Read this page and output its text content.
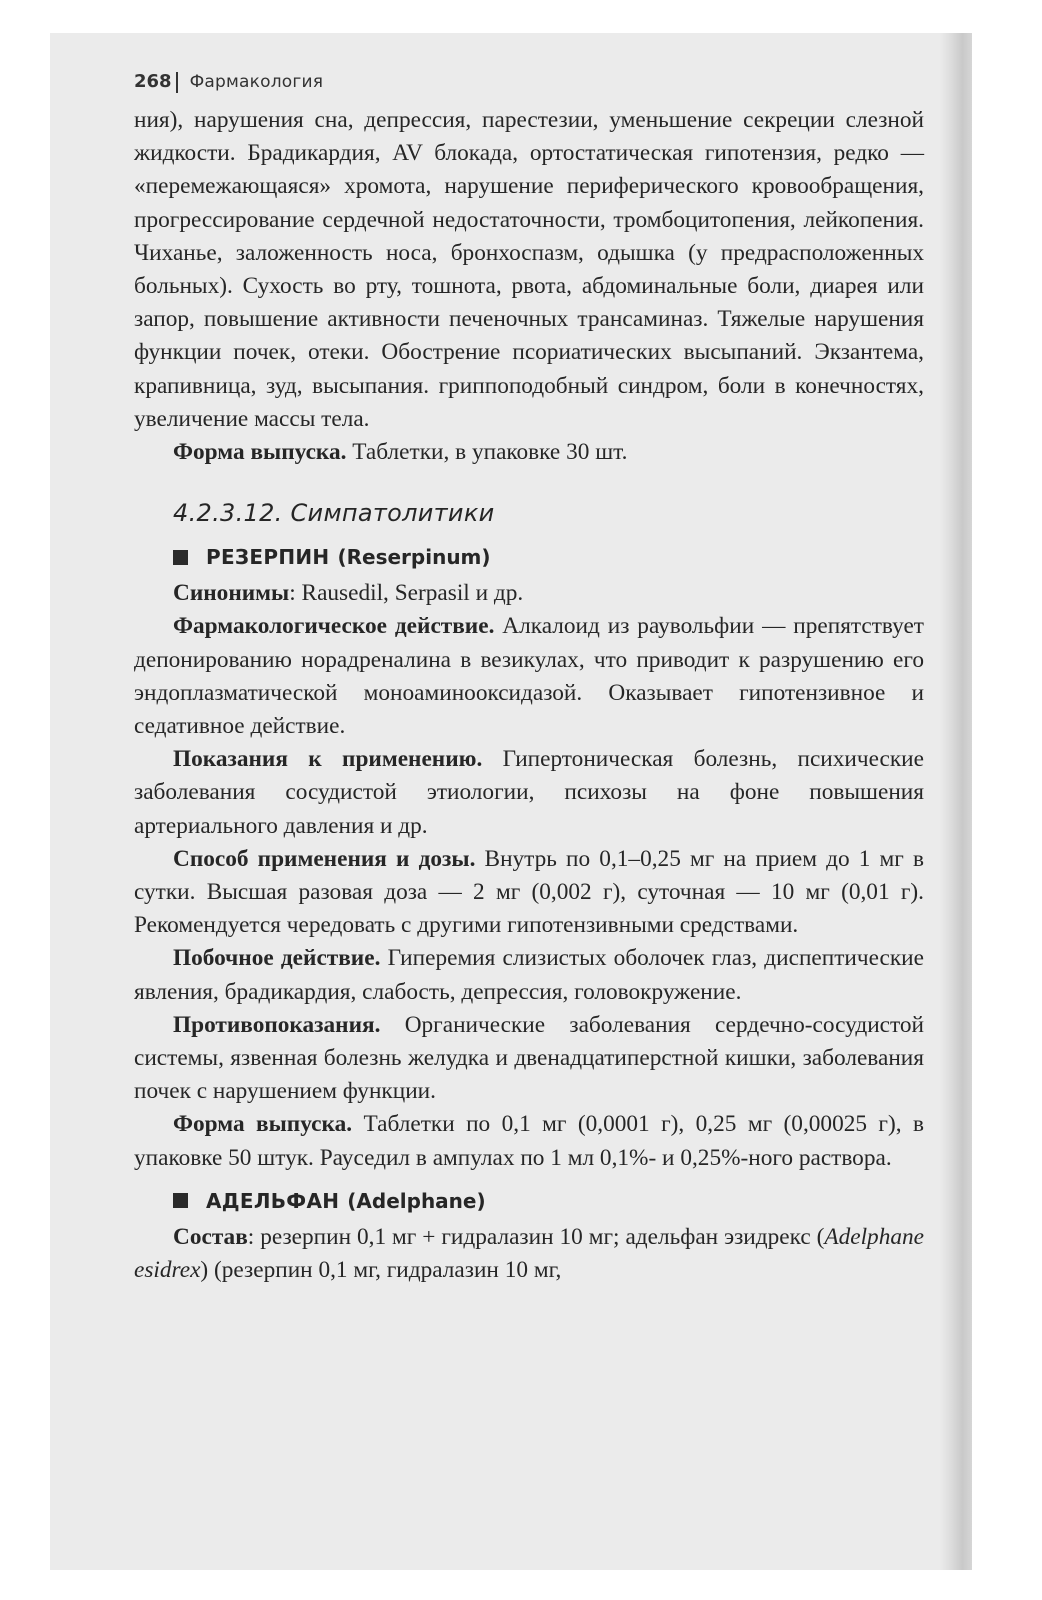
268 Фармакология

ния), нарушения сна, депрессия, парестезии, уменьшение секреции слезной жидкости. Брадикардия, AV блокада, ортостатическая гипотензия, редко — «перемежающаяся» хромота, нарушение периферического кровообращения, прогрессирование сердечной недостаточности, тромбоцитопения, лейкопения. Чиханье, заложенность носа, бронхоспазм, одышка (у предрасположенных больных). Сухость во рту, тошнота, рвота, абдоминальные боли, диарея или запор, повышение активности печеночных трансаминаз. Тяжелые нарушения функции почек, отеки. Обострение псориатических высыпаний. Экзантема, крапивница, зуд, высыпания. гриппоподобный синдром, боли в конечностях, увеличение массы тела.

Форма выпуска. Таблетки, в упаковке 30 шт.

4.2.3.12. Симпатолитики
РЕЗЕРПИН (Reserpinum)

Синонимы: Rausedil, Serpasil и др.

Фармакологическое действие. Алкалоид из раувольфии — препятствует депонированию норадреналина в везикулах, что приводит к разрушению его эндоплазматической моноаминооксидазой. Оказывает гипотензивное и седативное действие.

Показания к применению. Гипертоническая болезнь, психические заболевания сосудистой этиологии, психозы на фоне повышения артериального давления и др.

Способ применения и дозы. Внутрь по 0,1–0,25 мг на прием до 1 мг в сутки. Высшая разовая доза — 2 мг (0,002 г), суточная — 10 мг (0,01 г). Рекомендуется чередовать с другими гипотензивными средствами.

Побочное действие. Гиперемия слизистых оболочек глаз, диспептические явления, брадикардия, слабость, депрессия, головокружение.

Противопоказания. Органические заболевания сердечно-сосудистой системы, язвенная болезнь желудка и двенадцатиперстной кишки, заболевания почек с нарушением функции.

Форма выпуска. Таблетки по 0,1 мг (0,0001 г), 0,25 мг (0,00025 г), в упаковке 50 штук. Рауседил в ампулах по 1 мл 0,1%- и 0,25%-ного раствора.

АДЕЛЬФАН (Adelphane)

Состав: резерпин 0,1 мг + гидралазин 10 мг; адельфан эзидрекс (Adelphane esidrex) (резерпин 0,1 мг, гидралазин 10 мг,
